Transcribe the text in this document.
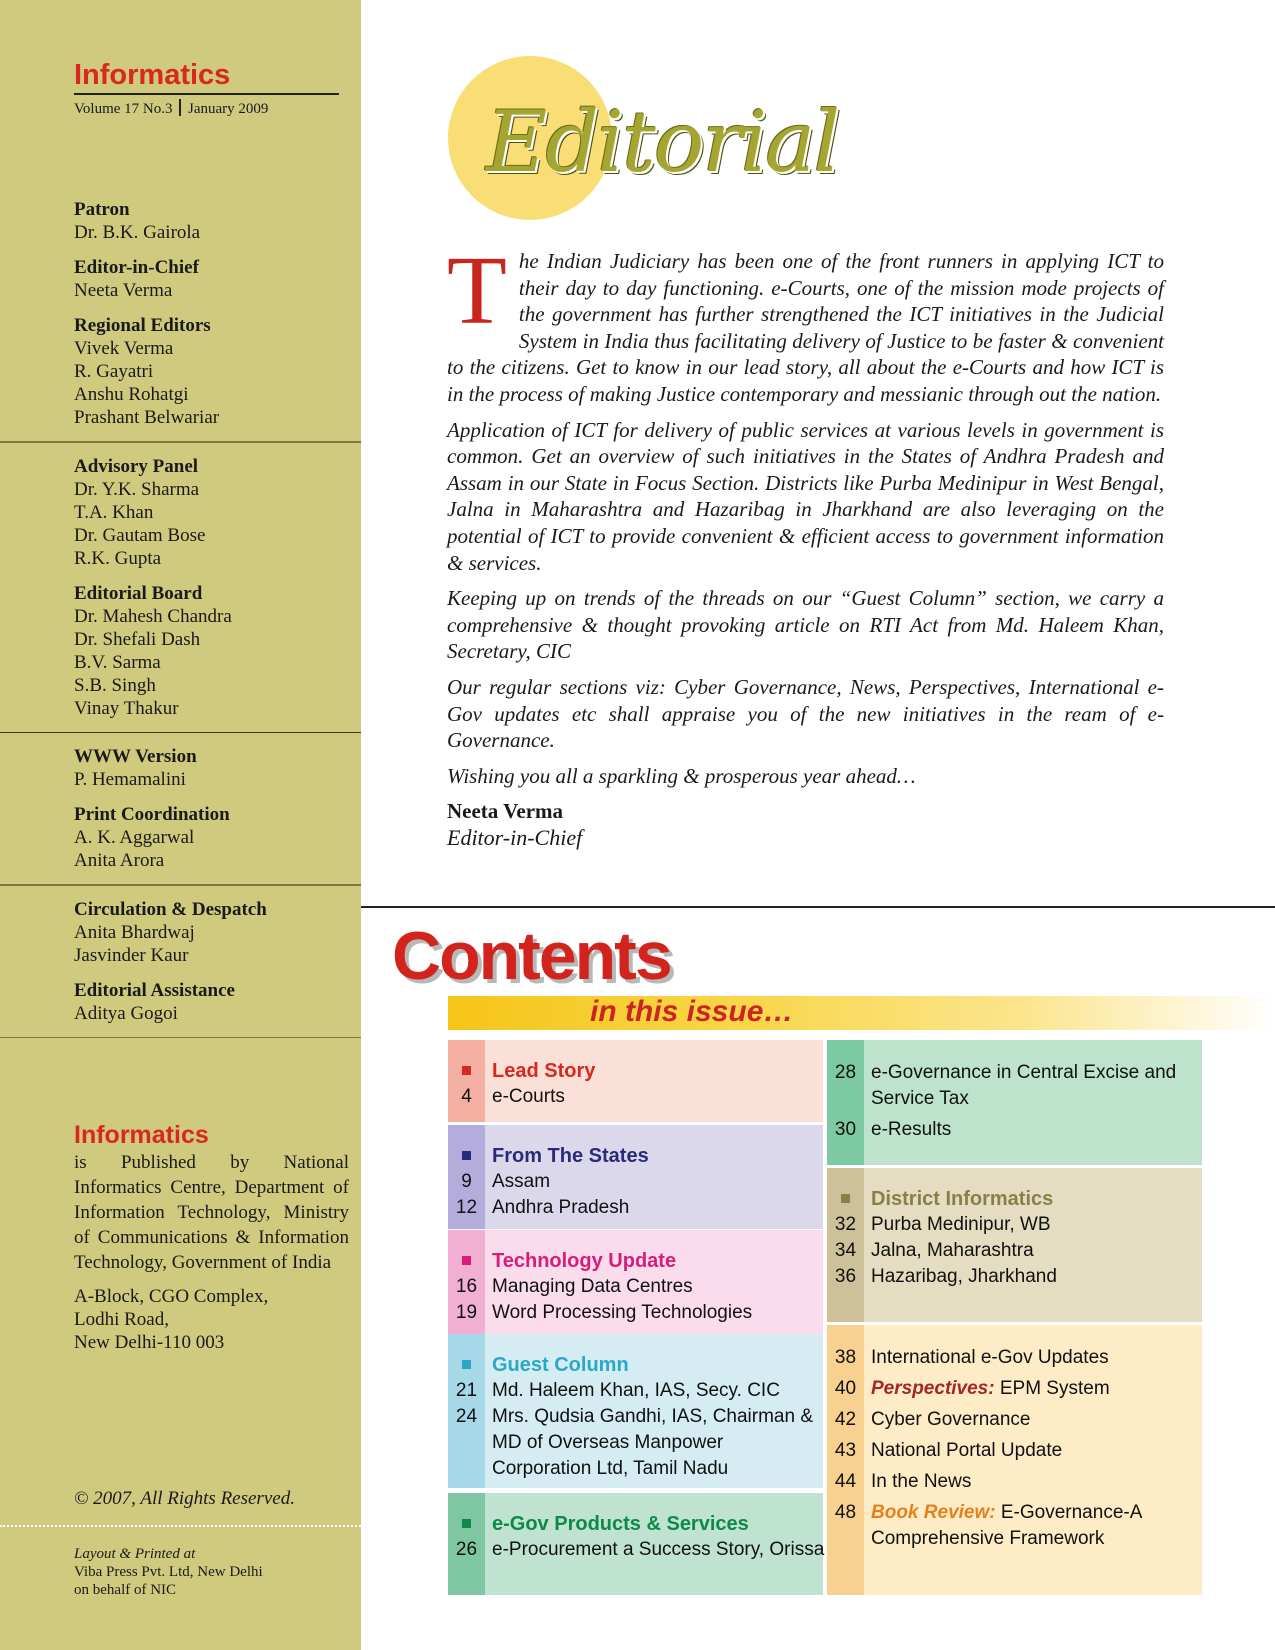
Informatics
Volume 17 No.3 January 2009
Patron
Dr. B.K. Gairola
Editor-in-Chief
Neeta Verma
Regional Editors
Vivek Verma
R. Gayatri
Anshu Rohatgi
Prashant Belwariar
Advisory Panel
Dr. Y.K. Sharma
T.A. Khan
Dr. Gautam Bose
R.K. Gupta
Editorial Board
Dr. Mahesh Chandra
Dr. Shefali Dash
B.V. Sarma
S.B. Singh
Vinay Thakur
WWW Version
P. Hemamalini
Print Coordination
A. K. Aggarwal
Anita Arora
Circulation & Despatch
Anita Bhardwaj
Jasvinder Kaur
Editorial Assistance
Aditya Gogoi
Informatics
is Published by National Informatics Centre, Department of Information Technology, Ministry of Communications & Information Technology, Government of India
A-Block, CGO Complex,
Lodhi Road,
New Delhi-110 003
© 2007, All Rights Reserved.
Layout & Printed at
Viba Press Pvt. Ltd, New Delhi
on behalf of NIC
Editorial

The Indian Judiciary has been one of the front runners in applying ICT to their day to day functioning. e-Courts, one of the mission mode projects of the government has further strengthened the ICT initiatives in the Judicial System in India thus facilitating delivery of Justice to be faster & convenient to the citizens. Get to know in our lead story, all about the e-Courts and how ICT is in the process of making Justice contemporary and messianic through out the nation.

Application of ICT for delivery of public services at various levels in government is common. Get an overview of such initiatives in the States of Andhra Pradesh and Assam in our State in Focus Section. Districts like Purba Medinipur in West Bengal, Jalna in Maharashtra and Hazaribag in Jharkhand are also leveraging on the potential of ICT to provide convenient & efficient access to government information & services.

Keeping up on trends of the threads on our “Guest Column” section, we carry a comprehensive & thought provoking article on RTI Act from Md. Haleem Khan, Secretary, CIC

Our regular sections viz: Cyber Governance, News, Perspectives, International e-Gov updates etc shall appraise you of the new initiatives in the ream of e-Governance.

Wishing you all a sparkling & prosperous year ahead…

Neeta Verma
Editor-in-Chief
Contents
in this issue…
Lead Story
4	e-Courts
From The States
9	Assam
12 Andhra Pradesh
Technology Update
16 Managing Data Centres
19 Word Processing Technologies
Guest Column
21 Md. Haleem Khan, IAS, Secy. CIC
24 Mrs. Qudsia Gandhi, IAS, Chairman &
MD of Overseas Manpower
Corporation Ltd, Tamil Nadu
e-Gov Products & Services
26 e-Procurement a Success Story, Orissa
28 e-Governance in Central Excise and
Service Tax
30 e-Results
District Informatics
32 Purba Medinipur, WB
34 Jalna, Maharashtra
36 Hazaribag, Jharkhand
38 International e-Gov Updates
40 Perspectives: EPM System
42 Cyber Governance
43 National Portal Update
44 In the News
48 Book Review: E-Governance-A
Comprehensive Framework
